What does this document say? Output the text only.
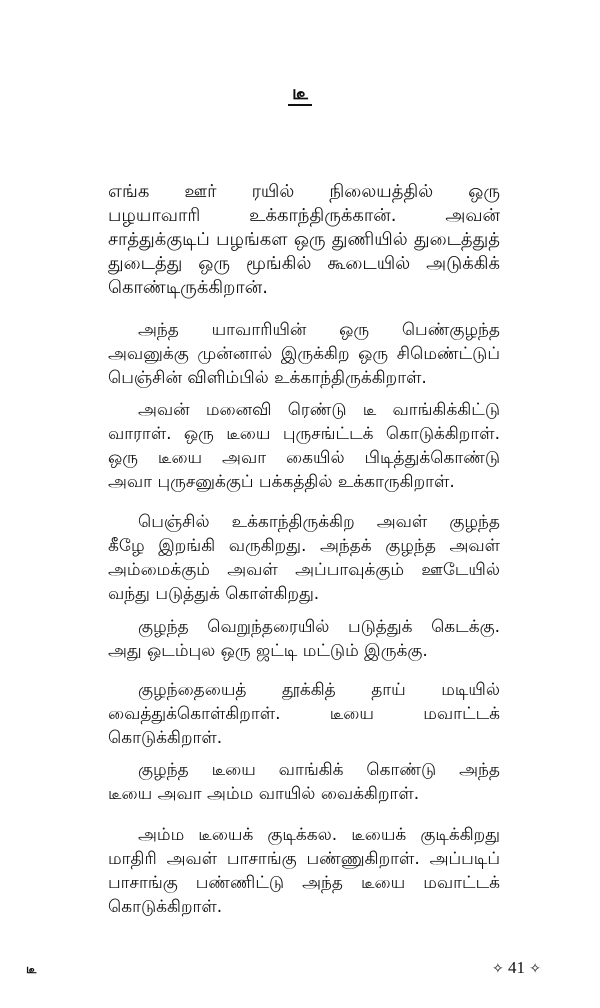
டீ
எங்க ஊர் ரயில் நிலையத்தில் ஒரு
பழயாவாரி உக்காந்திருக்கான். அவன்
சாத்துக்குடிப் பழங்கள ஒரு துணியில் துடைத்துத்
துடைத்து ஒரு மூங்கில் கூடையில் அடுக்கிக்
கொண்டிருக்கிறான்.
அந்த யாவாரியின் ஒரு பெண்குழந்த
அவனுக்கு முன்னால் இருக்கிற ஒரு சிமெண்ட்டுப்
பெஞ்சின் விளிம்பில் உக்காந்திருக்கிறாள்.
அவன் மனைவி ரெண்டு டீ வாங்கிக்கிட்டு
வாராள். ஒரு டீயை புருசங்ட்டக் கொடுக்கிறாள்.
ஒரு டீயை அவா கையில் பிடித்துக்கொண்டு
அவா புருசனுக்குப் பக்கத்தில் உக்காருகிறாள்.
பெஞ்சில் உக்காந்திருக்கிற அவள் குழந்த
கீழே இறங்கி வருகிறது. அந்தக் குழந்த அவள்
அம்மைக்கும் அவள் அப்பாவுக்கும் ஊடேயில்
வந்து படுத்துக் கொள்கிறது.
குழந்த வெறுந்தரையில் படுத்துக் கெடக்கு.
அது ஒடம்புல ஒரு ஜட்டி மட்டும் இருக்கு.
குழந்தையைத் தூக்கித் தாய் மடியில்
வைத்துக்கொள்கிறாள். டீயை மவாட்டக்
கொடுக்கிறாள்.
குழந்த டீயை வாங்கிக் கொண்டு அந்த
டீயை அவா அம்ம வாயில் வைக்கிறாள்.
அம்ம டீயைக் குடிக்கல. டீயைக் குடிக்கிறது
மாதிரி அவள் பாசாங்கு பண்ணுகிறாள். அப்படிப்
பாசாங்கு பண்ணிட்டு அந்த டீயை மவாட்டக்
கொடுக்கிறாள்.
டீ	✧ 41 ✧
